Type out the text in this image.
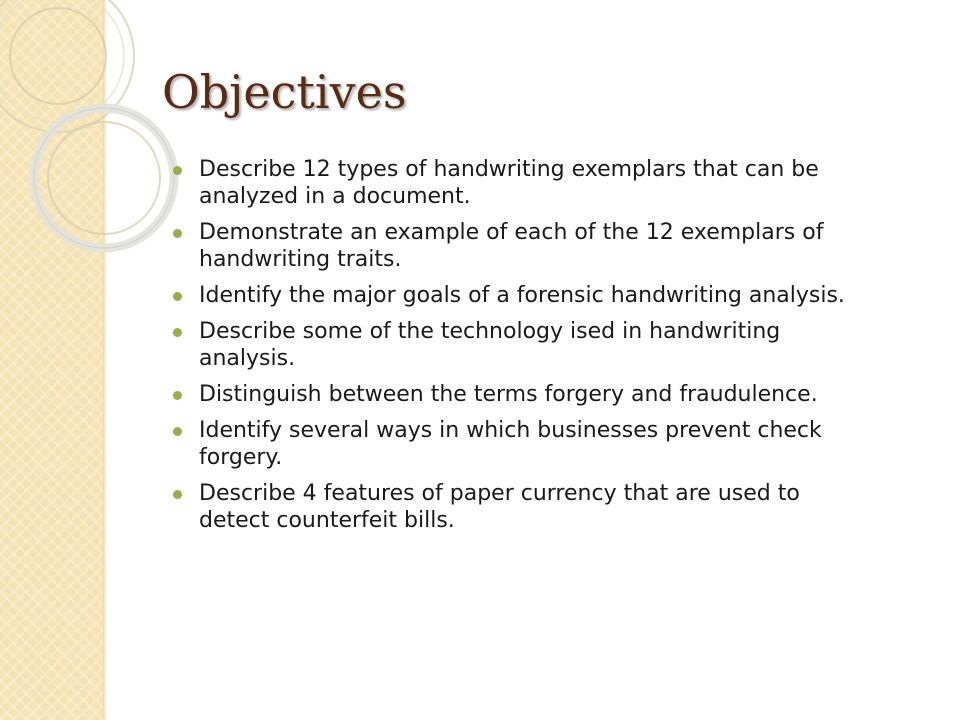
Objectives
Describe 12 types of handwriting exemplars that can be analyzed in a document.
Demonstrate an example of each of the 12 exemplars of handwriting traits.
Identify the major goals of a forensic handwriting analysis.
Describe some of the technology ised in handwriting analysis.
Distinguish between the terms forgery and fraudulence.
Identify several ways in which businesses prevent check forgery.
Describe 4 features of paper currency that are used to detect counterfeit bills.
